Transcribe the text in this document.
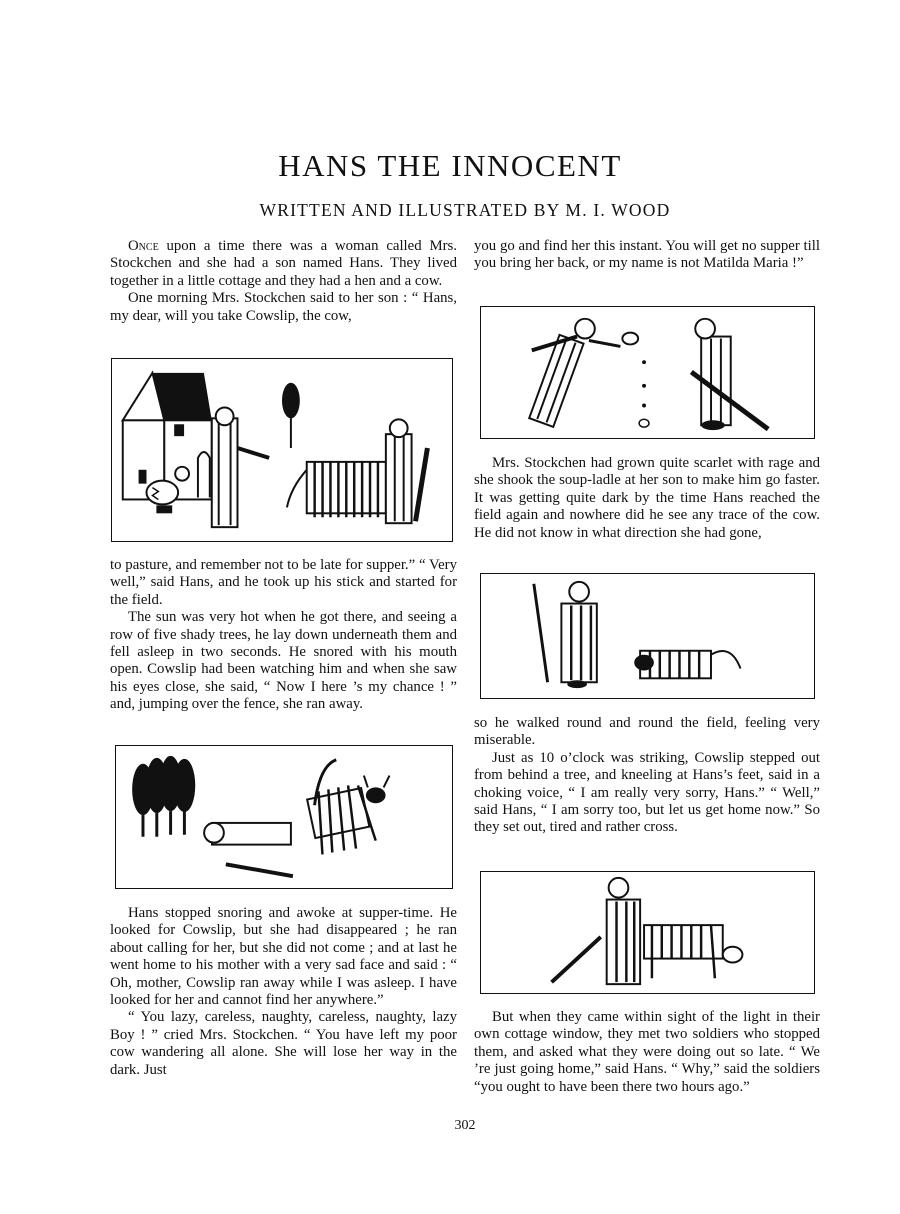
HANS THE INNOCENT
WRITTEN AND ILLUSTRATED BY M. I. WOOD

Once upon a time there was a woman called Mrs. Stockchen and she had a son named Hans. They lived together in a little cottage and they had a hen and a cow.

One morning Mrs. Stockchen said to her son : “ Hans, my dear, will you take Cowslip, the cow,

to pasture, and remember not to be late for supper.” “ Very well,” said Hans, and he took up his stick and started for the field.

The sun was very hot when he got there, and seeing a row of five shady trees, he lay down underneath them and fell asleep in two seconds. He snored with his mouth open. Cowslip had been watching him and when she saw his eyes close, she said, “ Now I here ’s my chance ! ” and, jumping over the fence, she ran away.

Hans stopped snoring and awoke at supper-time. He looked for Cowslip, but she had disappeared ; he ran about calling for her, but she did not come ; and at last he went home to his mother with a very sad face and said : “ Oh, mother, Cowslip ran away while I was asleep. I have looked for her and cannot find her anywhere.”

“ You lazy, careless, naughty, careless, naughty, lazy Boy ! ” cried Mrs. Stockchen. “ You have left my poor cow wandering all alone. She will lose her way in the dark. Just

you go and find her this instant. You will get no supper till you bring her back, or my name is not Matilda Maria !”

Mrs. Stockchen had grown quite scarlet with rage and she shook the soup-ladle at her son to make him go faster. It was getting quite dark by the time Hans reached the field again and nowhere did he see any trace of the cow. He did not know in what direction she had gone,

so he walked round and round the field, feeling very miserable.

Just as 10 o’clock was striking, Cowslip stepped out from behind a tree, and kneeling at Hans’s feet, said in a choking voice, “ I am really very sorry, Hans.” “ Well,” said Hans, “ I am sorry too, but let us get home now.” So they set out, tired and rather cross.

But when they came within sight of the light in their own cottage window, they met two soldiers who stopped them, and asked what they were doing out so late. “ We ’re just going home,” said Hans. “ Why,” said the soldiers “you ought to have been there two hours ago.”

302
